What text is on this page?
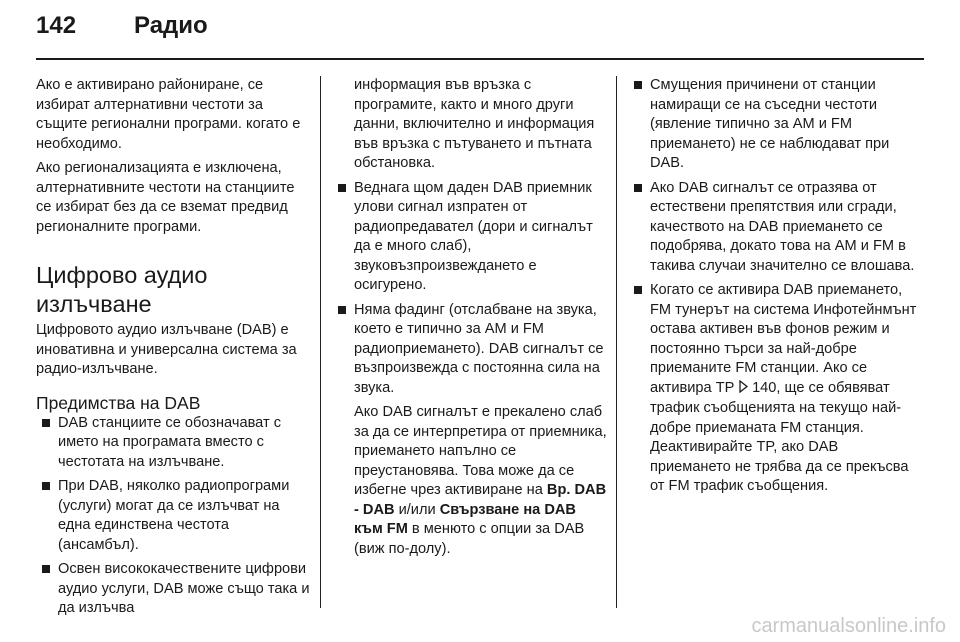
142	Радио

Ако е активирано райониране, се избират алтернативни честоти за същите регионални програми. когато е необходимо.

Ако регионализацията е изключена, алтернативните честоти на станциите се избират без да се вземат предвид регионалните програми.

Цифрово аудио излъчване

Цифровото аудио излъчване (DAB) е иновативна и универсална система за радио-излъчване.

Предимства на DAB
DAB станциите се обозначават с името на програмата вместо с честотата на излъчване.
При DAB, няколко радиопрограми (услуги) могат да се излъчват на една единствена честота (ансамбъл).
Освен висококачествените цифрови аудио услуги, DAB може също така и да излъчва
информация във връзка с програмите, както и много други данни, включително и информация във връзка с пътуването и пътната обстановка.
Веднага щом даден DAB приемник улови сигнал изпратен от радиопредавател (дори и сигналът да е много слаб), звуковъзпроизвеждането е осигурено.
Няма фадинг (отслабване на звука, което е типично за AM и FM радиоприемането). DAB сигналът се възпроизвежда с постоянна сила на звука.
Ако DAB сигналът е прекалено слаб за да се интерпретира от приемника, приемането напълно се преустановява. Това може да се избегне чрез активиране на Вр. DAB - DAB и/или Свързване на DAB към FM в менюто с опции за DAB (виж по-долу).
Смущения причинени от станции намиращи се на съседни честоти (явление типично за AM и FM приемането) не се наблюдават при DAB.
Ако DAB сигналът се отразява от естествени препятствия или сгради, качеството на DAB приемането се подобрява, докато това на AM и FM в такива случаи значително се влошава.
Когато се активира DAB приемането, FM тунерът на система Инфотейнмънт остава активен във фонов режим и постоянно търси за най-добре приеманите FM станции. Ако се активира TP  140, ще се обявяват трафик съобщенията на текущо най-добре приеманата FM станция. Деактивирайте TP, ако DAB приемането не трябва да се прекъсва от FM трафик съобщения.
carmanualsonline.info
